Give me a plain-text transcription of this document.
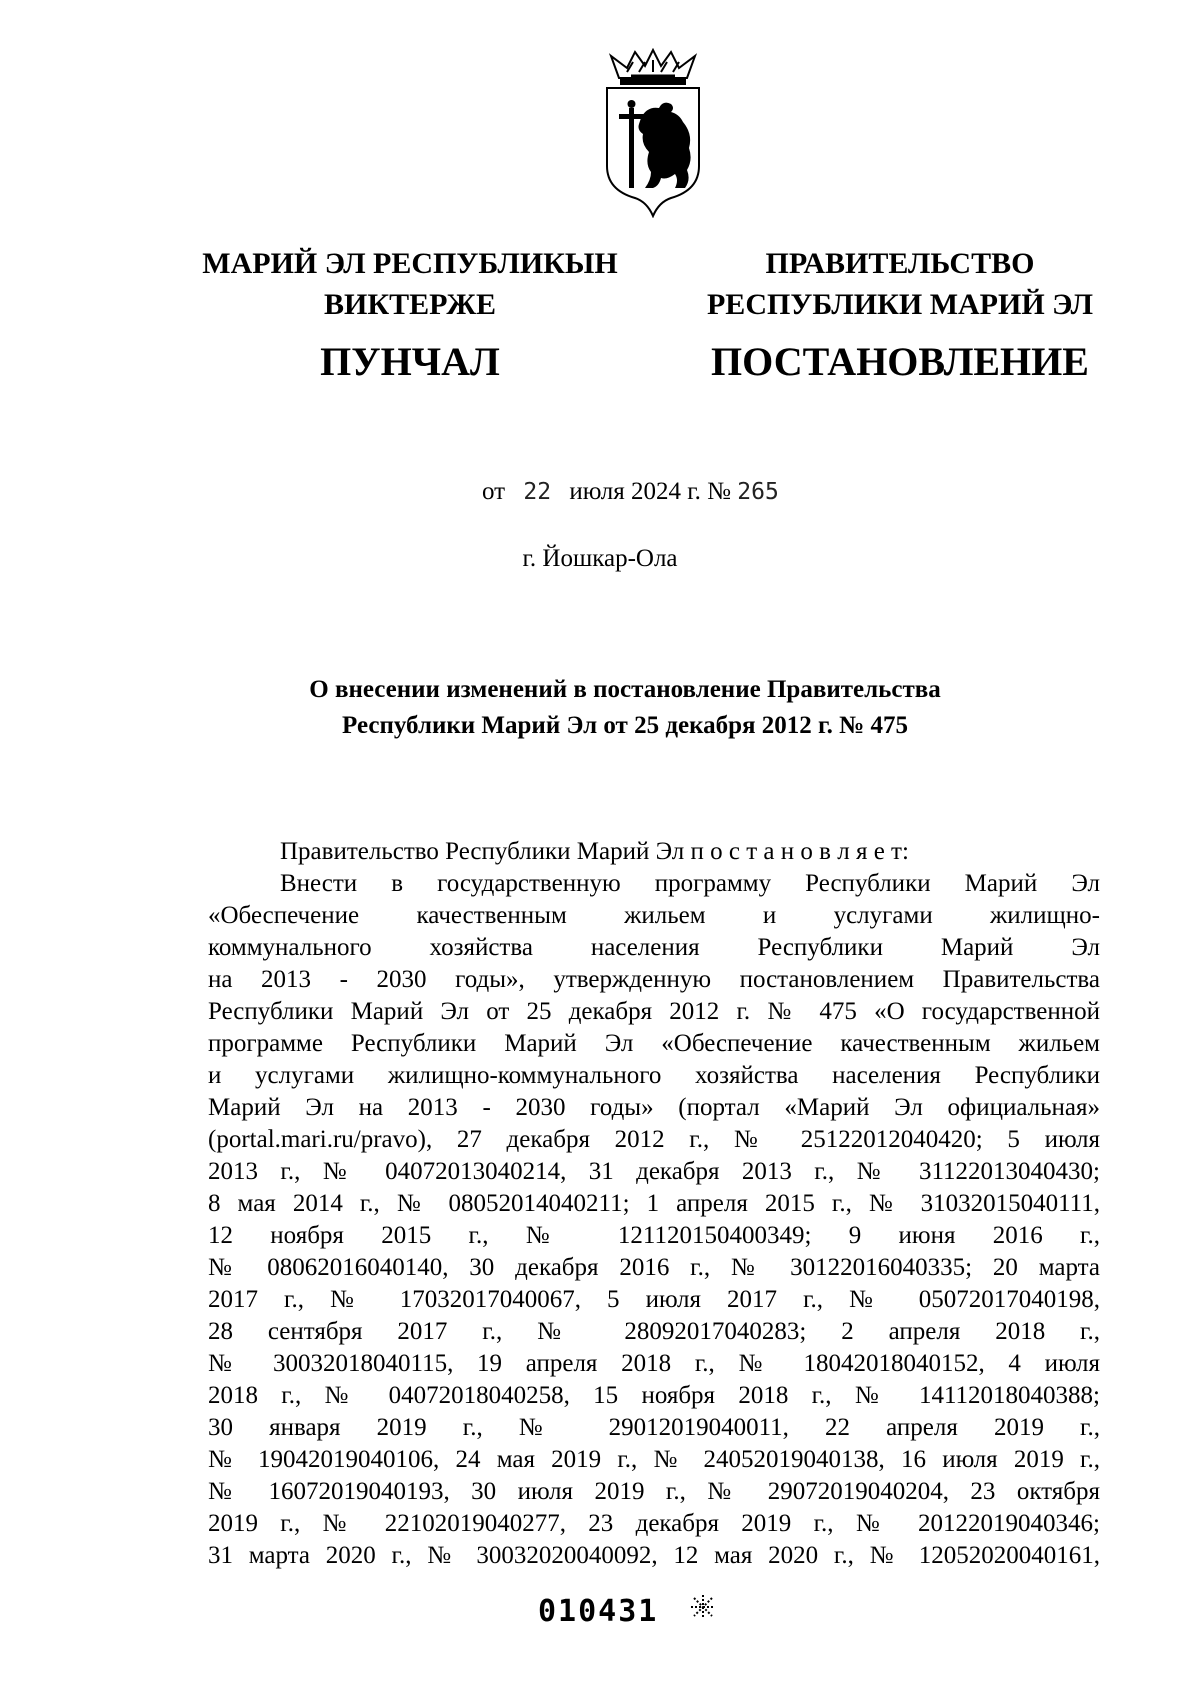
МАРИЙ ЭЛ РЕСПУБЛИКЫН
ВИКТЕРЖЕ
ПУНЧАЛ
ПРАВИТЕЛЬСТВО
РЕСПУБЛИКИ МАРИЙ ЭЛ
ПОСТАНОВЛЕНИЕ
от 22 июля 2024 г. № 265
г. Йошкар-Ола
О внесении изменений в постановление Правительства
Республики Марий Эл от 25 декабря 2012 г. № 475
Правительство Республики Марий Эл п о с т а н о в л я е т:
Внести в государственную программу Республики Марий Эл
«Обеспечение качественным жильем и услугами жилищно-
коммунального хозяйства населения Республики Марий Эл
на 2013 - 2030 годы», утвержденную постановлением Правительства
Республики Марий Эл от 25 декабря 2012 г. № 475 «О государственной
программе Республики Марий Эл «Обеспечение качественным жильем
и услугами жилищно-коммунального хозяйства населения Республики
Марий Эл на 2013 - 2030 годы» (портал «Марий Эл официальная»
(portal.mari.ru/pravo), 27 декабря 2012 г., № 25122012040420; 5 июля
2013 г., № 04072013040214, 31 декабря 2013 г., № 31122013040430;
8 мая 2014 г., № 08052014040211; 1 апреля 2015 г., № 31032015040111,
12 ноября 2015 г., № 121120150400349; 9 июня 2016 г.,
№ 08062016040140, 30 декабря 2016 г., № 30122016040335; 20 марта
2017 г., № 17032017040067, 5 июля 2017 г., № 05072017040198,
28 сентября 2017 г., № 28092017040283; 2 апреля 2018 г.,
№ 30032018040115, 19 апреля 2018 г., № 18042018040152, 4 июля
2018 г., № 04072018040258, 15 ноября 2018 г., № 14112018040388;
30 января 2019 г., № 29012019040011, 22 апреля 2019 г.,
№ 19042019040106, 24 мая 2019 г., № 24052019040138, 16 июля 2019 г.,
№ 16072019040193, 30 июля 2019 г., № 29072019040204, 23 октября
2019 г., № 22102019040277, 23 декабря 2019 г., № 20122019040346;
31 марта 2020 г., № 30032020040092, 12 мая 2020 г., № 12052020040161,
010431
